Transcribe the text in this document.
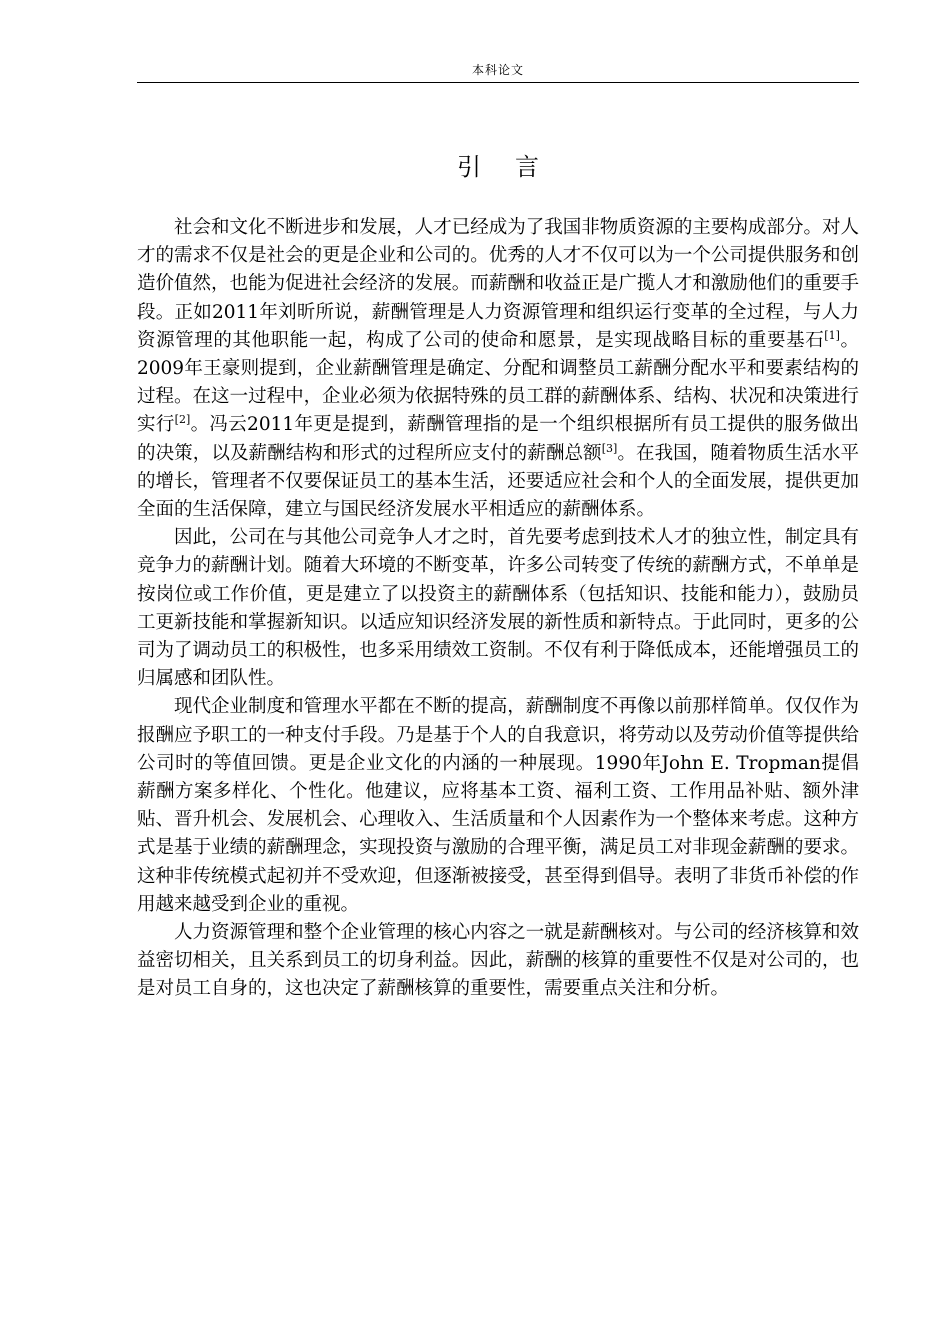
本科论文
引言

社会和文化不断进步和发展，人才已经成为了我国非物质资源的主要构成部分。对人才的需求不仅是社会的更是企业和公司的。优秀的人才不仅可以为一个公司提供服务和创造价值然，也能为促进社会经济的发展。而薪酬和收益正是广揽人才和激励他们的重要手段。正如2011年刘昕所说，薪酬管理是人力资源管理和组织运行变革的全过程，与人力资源管理的其他职能一起，构成了公司的使命和愿景，是实现战略目标的重要基石[1]。2009年王豪则提到，企业薪酬管理是确定、分配和调整员工薪酬分配水平和要素结构的过程。在这一过程中，企业必须为依据特殊的员工群的薪酬体系、结构、状况和决策进行实行[2]。冯云2011年更是提到，薪酬管理指的是一个组织根据所有员工提供的服务做出的决策，以及薪酬结构和形式的过程所应支付的薪酬总额[3]。在我国，随着物质生活水平的增长，管理者不仅要保证员工的基本生活，还要适应社会和个人的全面发展，提供更加全面的生活保障，建立与国民经济发展水平相适应的薪酬体系。

因此，公司在与其他公司竞争人才之时，首先要考虑到技术人才的独立性，制定具有竞争力的薪酬计划。随着大环境的不断变革，许多公司转变了传统的薪酬方式，不单单是按岗位或工作价值，更是建立了以投资主的薪酬体系（包括知识、技能和能力），鼓励员工更新技能和掌握新知识。以适应知识经济发展的新性质和新特点。于此同时，更多的公司为了调动员工的积极性，也多采用绩效工资制。不仅有利于降低成本，还能增强员工的归属感和团队性。

现代企业制度和管理水平都在不断的提高，薪酬制度不再像以前那样简单。仅仅作为报酬应予职工的一种支付手段。乃是基于个人的自我意识，将劳动以及劳动价值等提供给公司时的等值回馈。更是企业文化的内涵的一种展现。1990年John E. Tropman提倡薪酬方案多样化、个性化。他建议，应将基本工资、福利工资、工作用品补贴、额外津贴、晋升机会、发展机会、心理收入、生活质量和个人因素作为一个整体来考虑。这种方式是基于业绩的薪酬理念，实现投资与激励的合理平衡，满足员工对非现金薪酬的要求。这种非传统模式起初并不受欢迎，但逐渐被接受，甚至得到倡导。表明了非货币补偿的作用越来越受到企业的重视。

人力资源管理和整个企业管理的核心内容之一就是薪酬核对。与公司的经济核算和效益密切相关，且关系到员工的切身利益。因此，薪酬的核算的重要性不仅是对公司的，也是对员工自身的，这也决定了薪酬核算的重要性，需要重点关注和分析。
